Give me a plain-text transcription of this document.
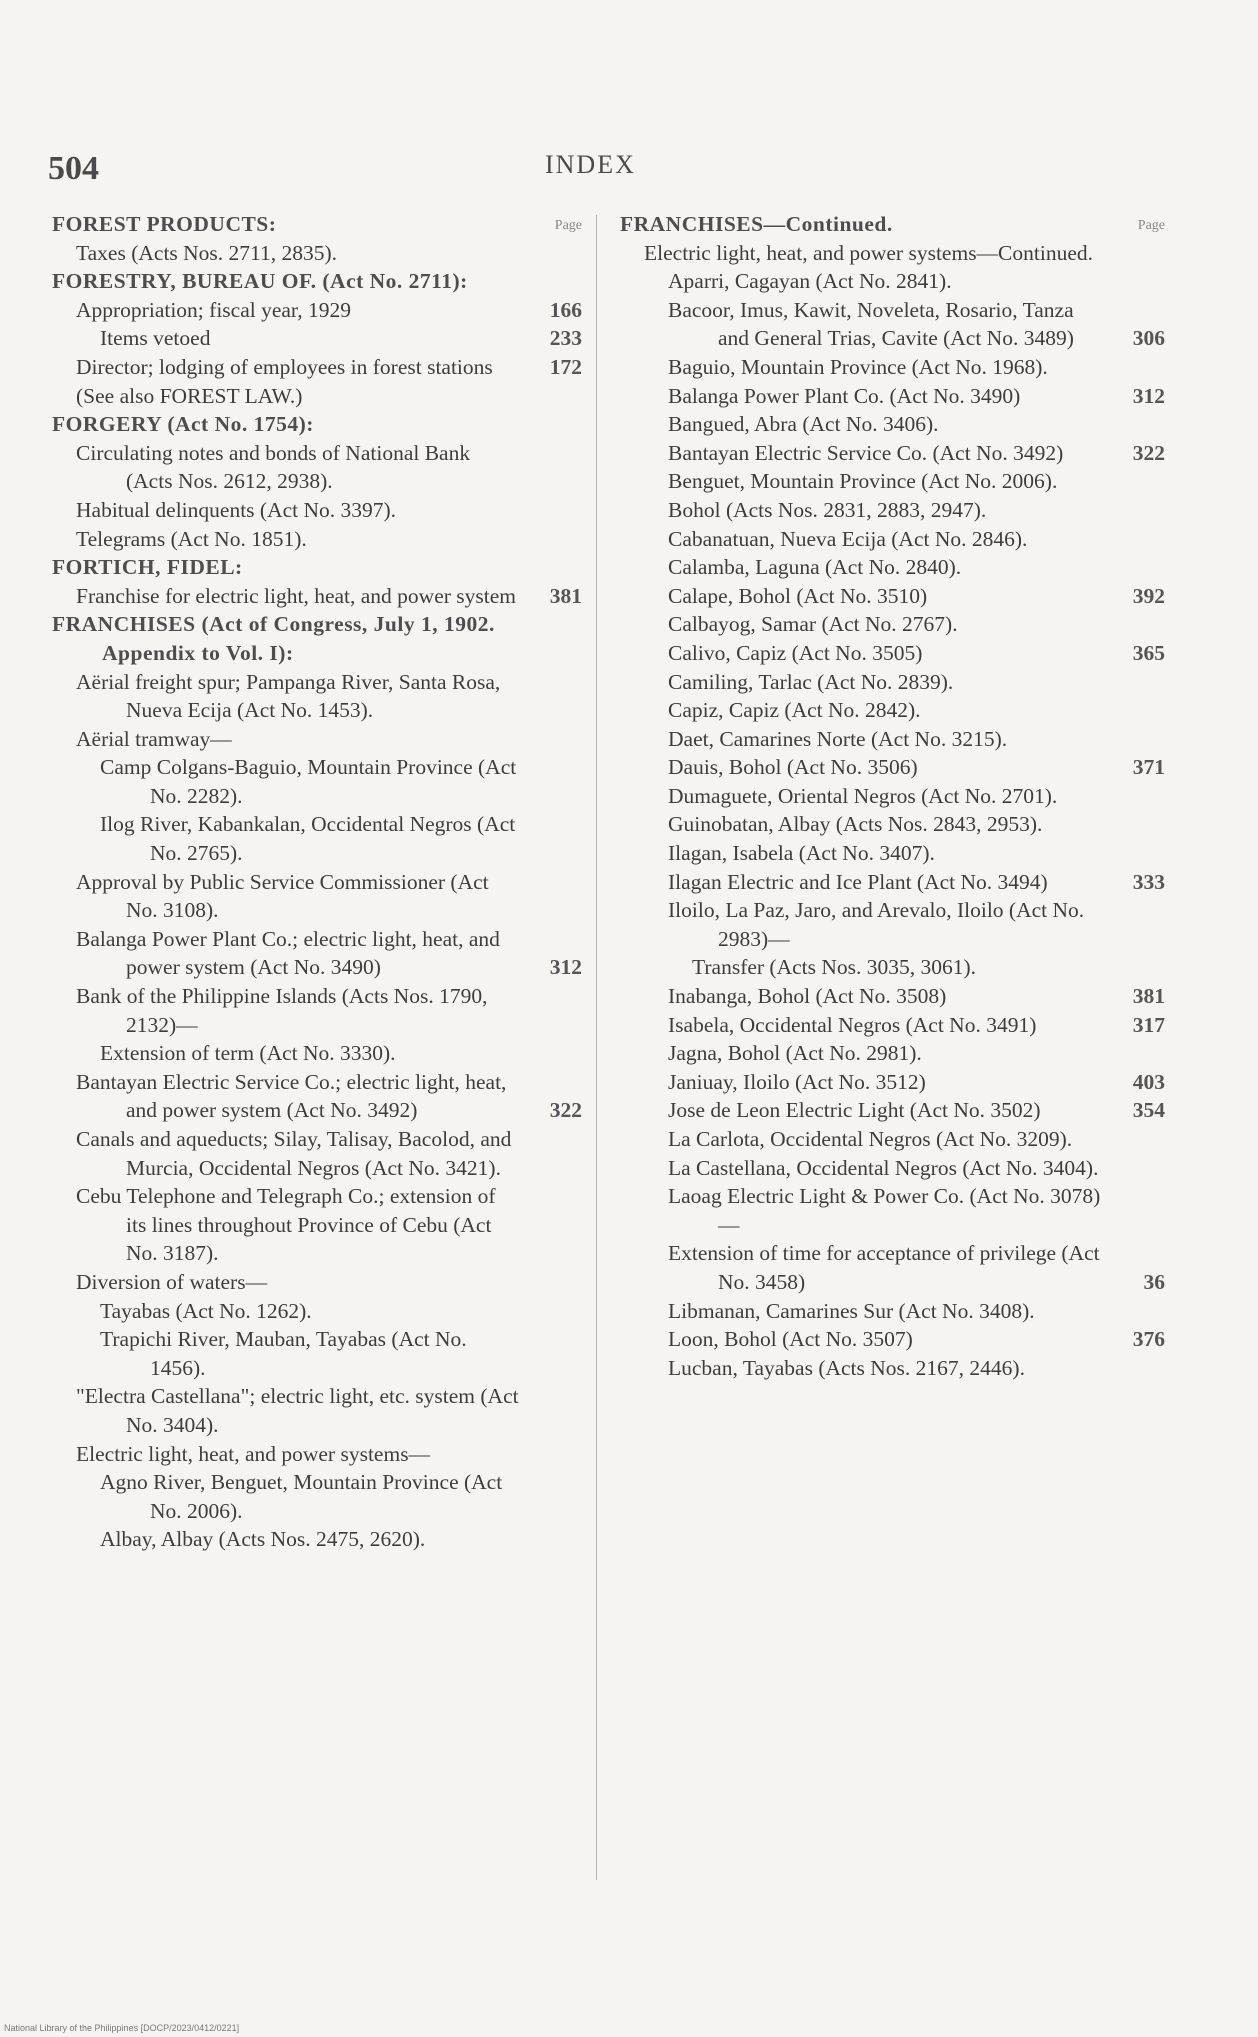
504	INDEX
Page
FOREST PRODUCTS:
Taxes (Acts Nos. 2711, 2835).
FORESTRY, BUREAU OF. (Act No. 2711):
Appropriation; fiscal year, 1929	166
Items vetoed	233
Director; lodging of employees in forest stations	172
(See also FOREST LAW.)
FORGERY (Act No. 1754):
Circulating notes and bonds of National Bank (Acts Nos. 2612, 2938).
Habitual delinquents (Act No. 3397).
Telegrams (Act No. 1851).
FORTICH, FIDEL:
Franchise for electric light, heat, and power system	381
FRANCHISES (Act of Congress, July 1, 1902. Appendix to Vol. I):
Aërial freight spur; Pampanga River, Santa Rosa, Nueva Ecija (Act No. 1453).
Aërial tramway—
Camp Colgans-Baguio, Mountain Province (Act No. 2282).
Ilog River, Kabankalan, Occidental Negros (Act No. 2765).
Approval by Public Service Commissioner (Act No. 3108).
Balanga Power Plant Co.; electric light, heat, and power system (Act No. 3490)	312
Bank of the Philippine Islands (Acts Nos. 1790, 2132)—
Extension of term (Act No. 3330).
Bantayan Electric Service Co.; electric light, heat, and power system (Act No. 3492)	322
Canals and aqueducts; Silay, Talisay, Bacolod, and Murcia, Occidental Negros (Act No. 3421).
Cebu Telephone and Telegraph Co.; extension of its lines throughout Province of Cebu (Act No. 3187).
Diversion of waters—
Tayabas (Act No. 1262).
Trapichi River, Mauban, Tayabas (Act No. 1456).
"Electra Castellana"; electric light, etc. system (Act No. 3404).
Electric light, heat, and power systems—
Agno River, Benguet, Mountain Province (Act No. 2006).
Albay, Albay (Acts Nos. 2475, 2620).
Page
FRANCHISES—Continued.
Electric light, heat, and power systems—Continued.
Aparri, Cagayan (Act No. 2841).
Bacoor, Imus, Kawit, Noveleta, Rosario, Tanza and General Trias, Cavite (Act No. 3489)	306
Baguio, Mountain Province (Act No. 1968).
Balanga Power Plant Co. (Act No. 3490)	312
Bangued, Abra (Act No. 3406).
Bantayan Electric Service Co. (Act No. 3492)	322
Benguet, Mountain Province (Act No. 2006).
Bohol (Acts Nos. 2831, 2883, 2947).
Cabanatuan, Nueva Ecija (Act No. 2846).
Calamba, Laguna (Act No. 2840).
Calape, Bohol (Act No. 3510)	392
Calbayog, Samar (Act No. 2767).
Calivo, Capiz (Act No. 3505)	365
Camiling, Tarlac (Act No. 2839).
Capiz, Capiz (Act No. 2842).
Daet, Camarines Norte (Act No. 3215).
Dauis, Bohol (Act No. 3506)	371
Dumaguete, Oriental Negros (Act No. 2701).
Guinobatan, Albay (Acts Nos. 2843, 2953).
Ilagan, Isabela (Act No. 3407).
Ilagan Electric and Ice Plant (Act No. 3494)	333
Iloilo, La Paz, Jaro, and Arevalo, Iloilo (Act No. 2983)—
Transfer (Acts Nos. 3035, 3061).
Inabanga, Bohol (Act No. 3508)	381
Isabela, Occidental Negros (Act No. 3491)	317
Jagna, Bohol (Act No. 2981).
Janiuay, Iloilo (Act No. 3512)	403
Jose de Leon Electric Light (Act No. 3502)	354
La Carlota, Occidental Negros (Act No. 3209).
La Castellana, Occidental Negros (Act No. 3404).
Laoag Electric Light & Power Co. (Act No. 3078)—
Extension of time for acceptance of privilege (Act No. 3458)	36
Libmanan, Camarines Sur (Act No. 3408).
Loon, Bohol (Act No. 3507)	376
Lucban, Tayabas (Acts Nos. 2167, 2446).
National Library of the Philippines [DOCP/2023/0412/0221]
